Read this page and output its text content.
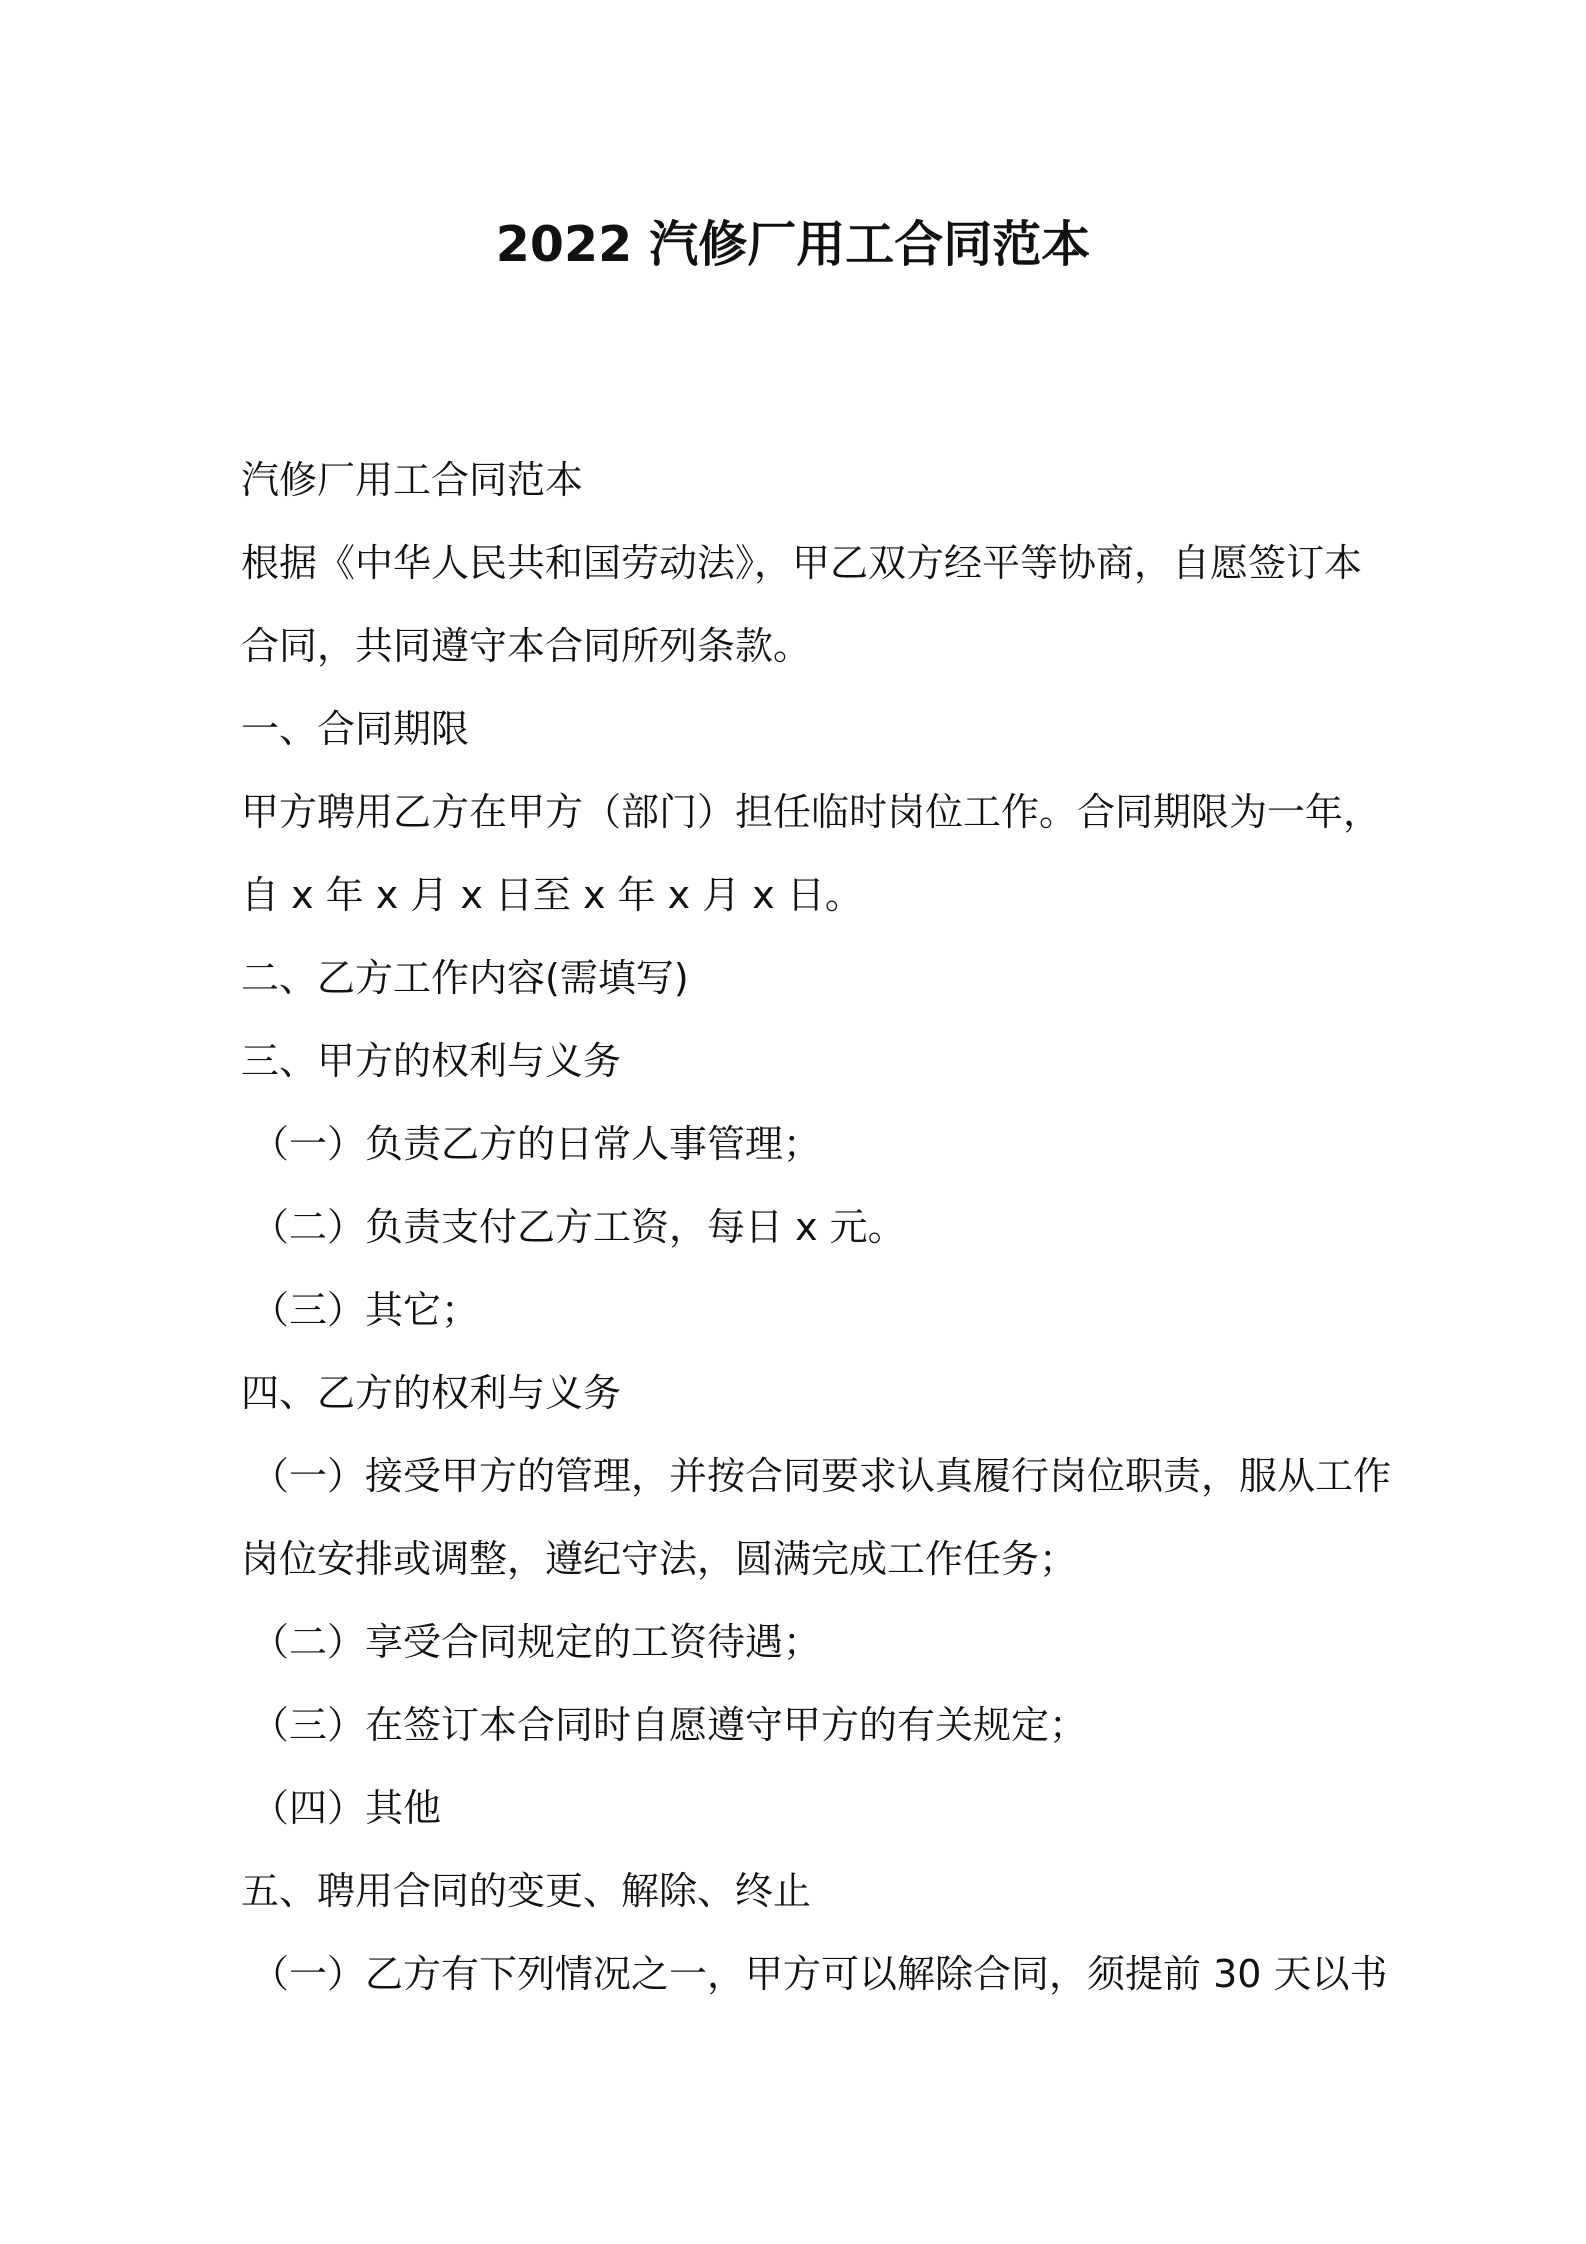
2022 汽修厂用工合同范本
汽修厂用工合同范本
根据《中华人民共和国劳动法》，甲乙双方经平等协商，自愿签订本
合同，共同遵守本合同所列条款。
一、合同期限
甲方聘用乙方在甲方（部门）担任临时岗位工作。合同期限为一年，
自 x 年 x 月 x 日至 x 年 x 月 x 日。
二、乙方工作内容(需填写)
三、甲方的权利与义务
（一）负责乙方的日常人事管理；
（二）负责支付乙方工资，每日 x 元。
（三）其它；
四、乙方的权利与义务
（一）接受甲方的管理，并按合同要求认真履行岗位职责，服从工作
岗位安排或调整，遵纪守法，圆满完成工作任务；
（二）享受合同规定的工资待遇；
（三）在签订本合同时自愿遵守甲方的有关规定；
（四）其他
五、聘用合同的变更、解除、终止
（一）乙方有下列情况之一，甲方可以解除合同，须提前 30 天以书
